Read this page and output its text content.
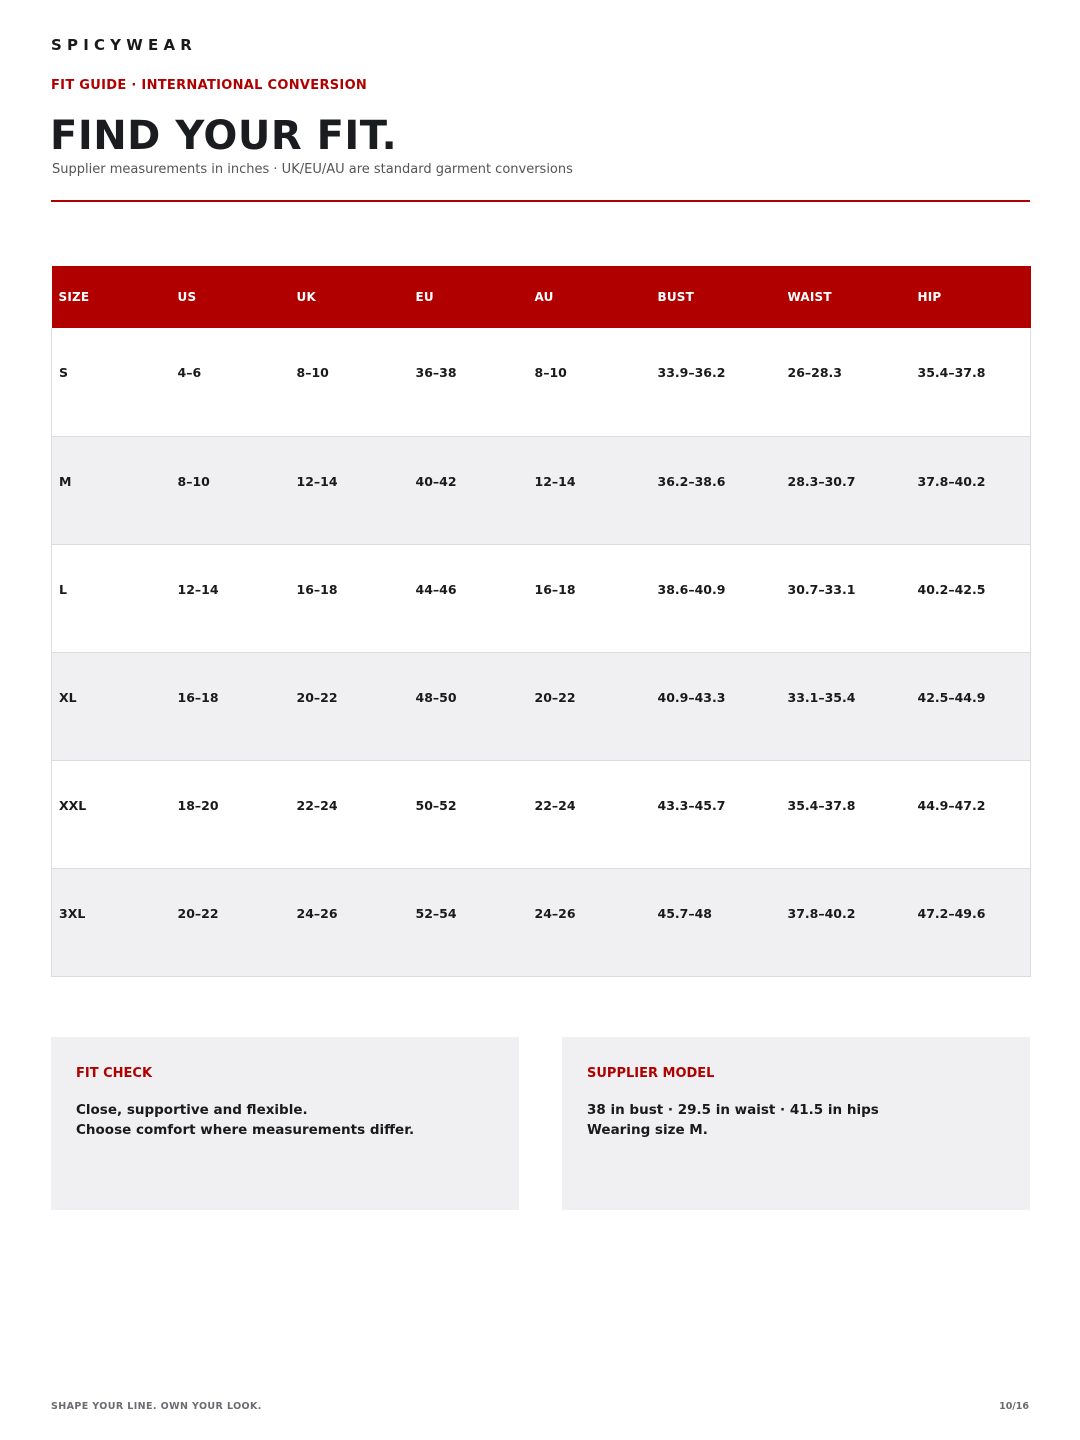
SPICYWEAR
FIT GUIDE · INTERNATIONAL CONVERSION
FIND YOUR FIT.
Supplier measurements in inches · UK/EU/AU are standard garment conversions
SIZE	US	UK	EU	AU	BUST	WAIST	HIP
S	4–6	8–10	36–38	8–10	33.9–36.2	26–28.3	35.4–37.8
M	8–10	12–14	40–42	12–14	36.2–38.6	28.3–30.7	37.8–40.2
L	12–14	16–18	44–46	16–18	38.6–40.9	30.7–33.1	40.2–42.5
XL	16–18	20–22	48–50	20–22	40.9–43.3	33.1–35.4	42.5–44.9
XXL	18–20	22–24	50–52	22–24	43.3–45.7	35.4–37.8	44.9–47.2
3XL	20–22	24–26	52–54	24–26	45.7–48	37.8–40.2	47.2–49.6
FIT CHECK
Close, supportive and flexible.
Choose comfort where measurements differ.
SUPPLIER MODEL
38 in bust · 29.5 in waist · 41.5 in hips
Wearing size M.
SHAPE YOUR LINE. OWN YOUR LOOK.	10/16
